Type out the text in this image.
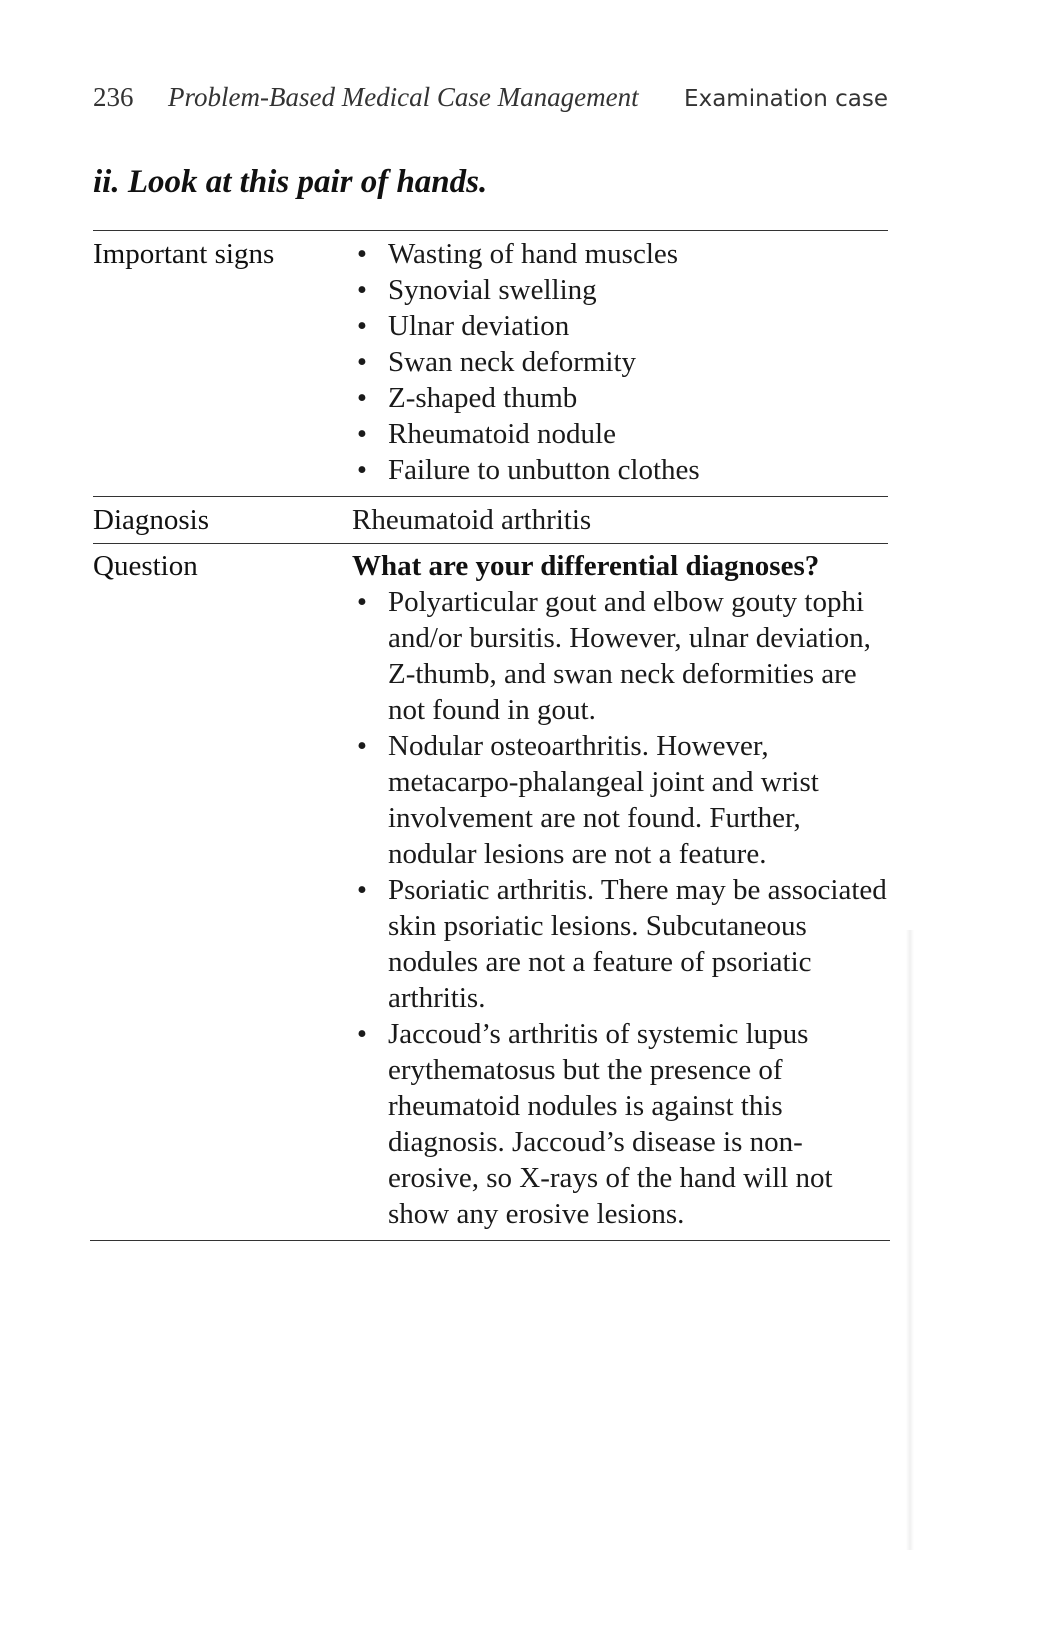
236 Problem-Based Medical Case Management Examination case
ii. Look at this pair of hands.
Important signs	• Wasting of hand muscles
• Synovial swelling
• Ulnar deviation
• Swan neck deformity
• Z-shaped thumb
• Rheumatoid nodule
• Failure to unbutton clothes
Diagnosis	Rheumatoid arthritis

Question	What are your differential diagnoses?

• Polyarticular gout and elbow gouty tophi and/or bursitis. However, ulnar deviation, Z-thumb, and swan neck deformities are not found in gout.
• Nodular osteoarthritis. However, metacarpo-phalangeal joint and wrist involvement are not found. Further, nodular lesions are not a feature.
• Psoriatic arthritis. There may be associated skin psoriatic lesions. Subcutaneous nodules are not a feature of psoriatic arthritis.
• Jaccoud’s arthritis of systemic lupus erythematosus but the presence of rheumatoid nodules is against this diagnosis. Jaccoud’s disease is non-erosive, so X-rays of the hand will not show any erosive lesions.
